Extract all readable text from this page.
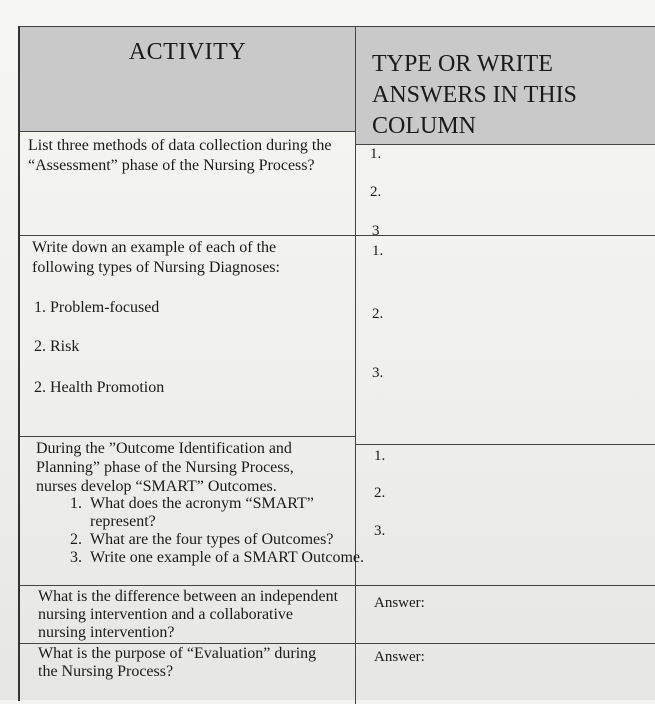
ACTIVITY	TYPE OR WRITE ANSWERS IN THIS COLUMN
List three methods of data collection during the “Assessment” phase of the Nursing Process?
1.
2.
3
Write down an example of each of the following types of Nursing Diagnoses:
1. Problem-focused
2. Risk
2. Health Promotion
1.
2.
3.
During the ”Outcome Identification and Planning” phase of the Nursing Process, nurses develop “SMART” Outcomes.
1. What does the acronym “SMART” represent?
2. What are the four types of Outcomes?
3. Write one example of a SMART Outcome.
1.
2.
3.
What is the difference between an independent nursing intervention and a collaborative nursing intervention?
Answer:
What is the purpose of “Evaluation” during the Nursing Process?
Answer:
